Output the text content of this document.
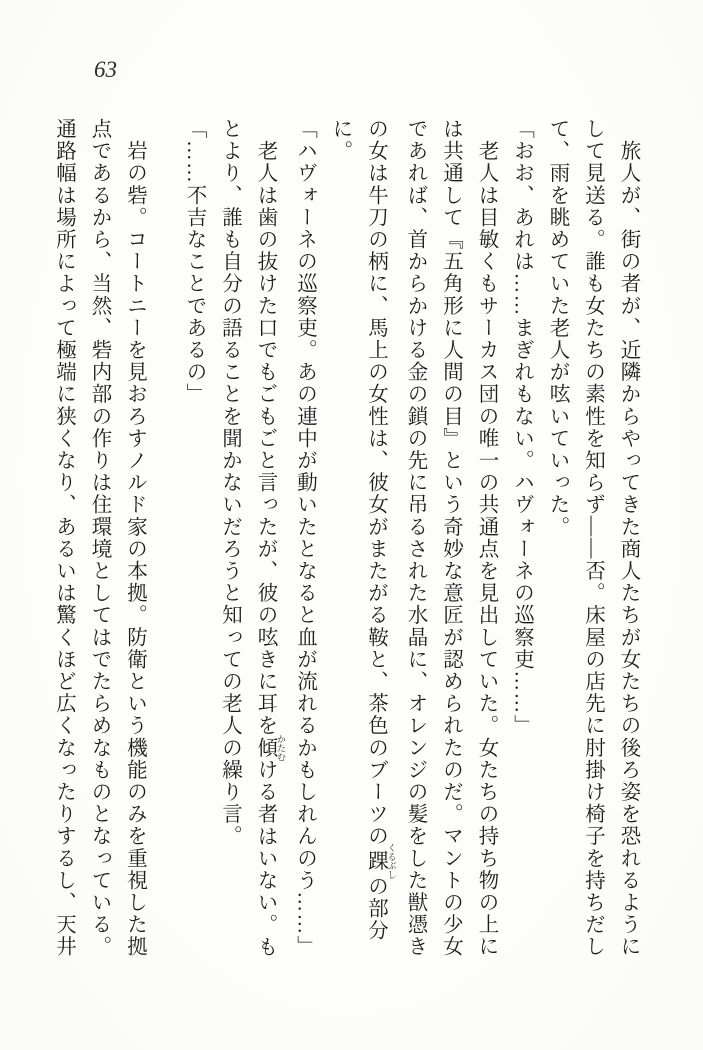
63

　旅人が、街の者が、近隣からやってきた商人たちが女たちの後ろ姿を恐れるように

して見送る。誰も女たちの素性を知らず――否。床屋の店先に肘掛け椅子を持ちだし

て、雨を眺めていた老人が呟いていった。

「おお、あれは……まぎれもない。ハヴォーネの巡察吏……」

　老人は目敏くもサーカス団の唯一の共通点を見出していた。女たちの持ち物の上に

は共通して『五角形に人間の目』という奇妙な意匠が認められたのだ。マントの少女

であれば、首からかける金の鎖の先に吊るされた水晶に、オレンジの髪をした獣憑き

の女は牛刀の柄に、馬上の女性は、彼女がまたがる鞍と、茶色のブーツの踝 くるぶしの部分に。

「ハヴォーネの巡察吏。あの連中が動いたとなると血が流れるかもしれんのう……」

　老人は歯の抜けた口でもごもごと言ったが、彼の呟きに耳を傾 かたむける者はいない。も

とより、誰も自分の語ることを聞かないだろうと知っての老人の繰り言。

「……不吉なことであるの」

　岩の砦。コートニーを見おろすノルド家の本拠。防衛という機能のみを重視した拠

点であるから、当然、砦内部の作りは住環境としてはでたらめなものとなっている。

通路幅は場所によって極端に狭くなり、あるいは驚くほど広くなったりするし、天井
